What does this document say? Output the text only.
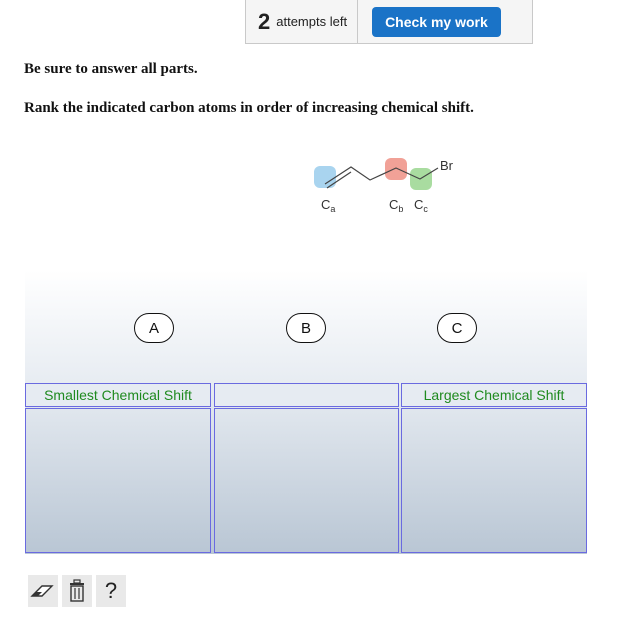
2 attempts left	Check my work
Be sure to answer all parts.
Rank the indicated carbon atoms in order of increasing chemical shift.
Br
$C_a$	$C_b$ $C_c$
A	B	C
Smallest Chemical Shift	Largest Chemical Shift
?
